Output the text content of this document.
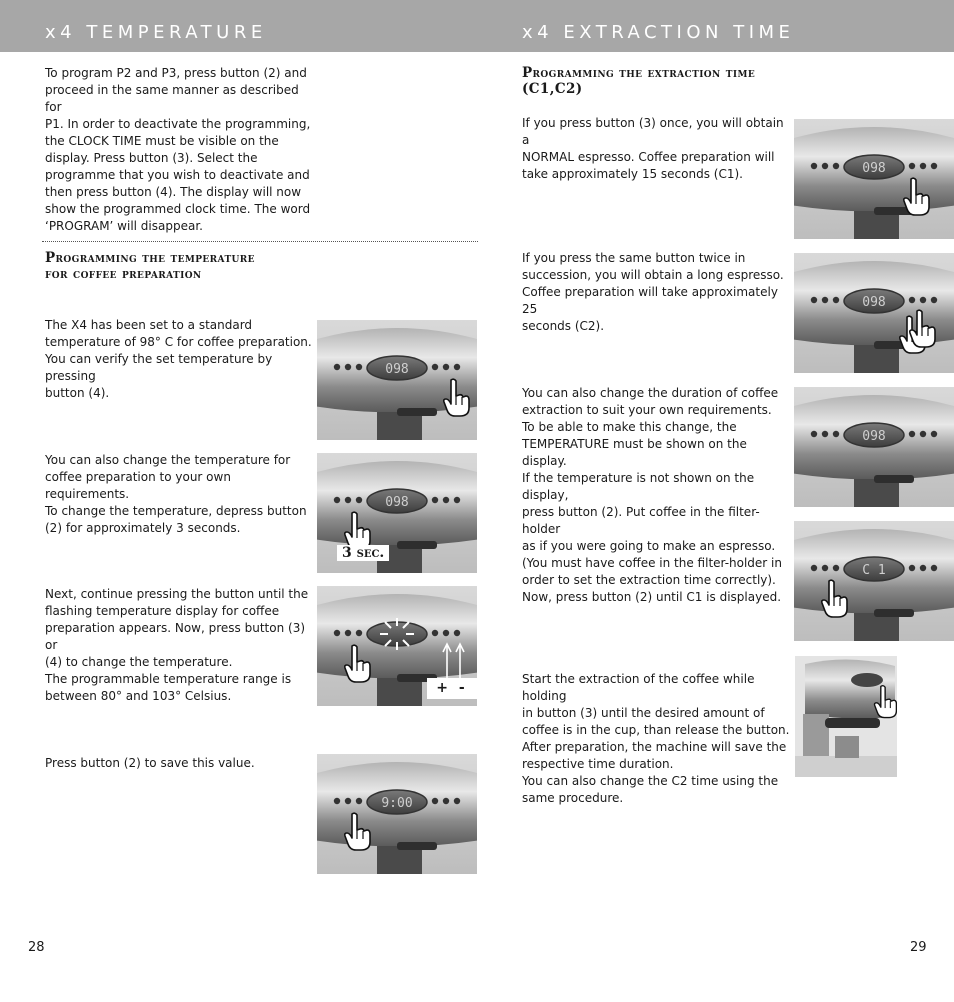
x4 TEMPERATURE

To program P2 and P3, press button (2) and
proceed in the same manner as described for
P1. In order to deactivate the programming,
the CLOCK TIME must be visible on the
display. Press button (3). Select the
programme that you wish to deactivate and
then press button (4). The display will now
show the programmed clock time. The word
‘PROGRAM’ will disappear.

Programming the temperature
for coffee preparation

The X4 has been set to a standard
temperature of 98° C for coffee preparation.
You can verify the set temperature by pressing
button (4).

098

You can also change the temperature for
coffee preparation to your own requirements.
To change the temperature, depress button
(2) for approximately 3 seconds.

098
3 sec.

Next, continue pressing the button until the
flashing temperature display for coffee
preparation appears. Now, press button (3) or
(4) to change the temperature.
The programmable temperature range is
between 80° and 103° Celsius.	+ -

Press button (2) to save this value.

9:00
28
x4 EXTRACTION TIME
Programming the extraction time
(C1,C2)

If you press button (3) once, you will obtain a
NORMAL espresso. Coffee preparation will
take approximately 15 seconds (C1).	098

If you press the same button twice in
succession, you will obtain a long espresso.
Coffee preparation will take approximately 25
seconds (C2).

098

You can also change the duration of coffee
extraction to suit your own requirements.
To be able to make this change, the
TEMPERATURE must be shown on the display.
If the temperature is not shown on the display,
press button (2). Put coffee in the filter-holder
as if you were going to make an espresso.
(You must have coffee in the filter-holder in
order to set the extraction time correctly).
Now, press button (2) until C1 is displayed.

098
C 1

Start the extraction of the coffee while holding
in button (3) until the desired amount of
coffee is in the cup, than release the button.
After preparation, the machine will save the
respective time duration.
You can also change the C2 time using the
same procedure.

29
